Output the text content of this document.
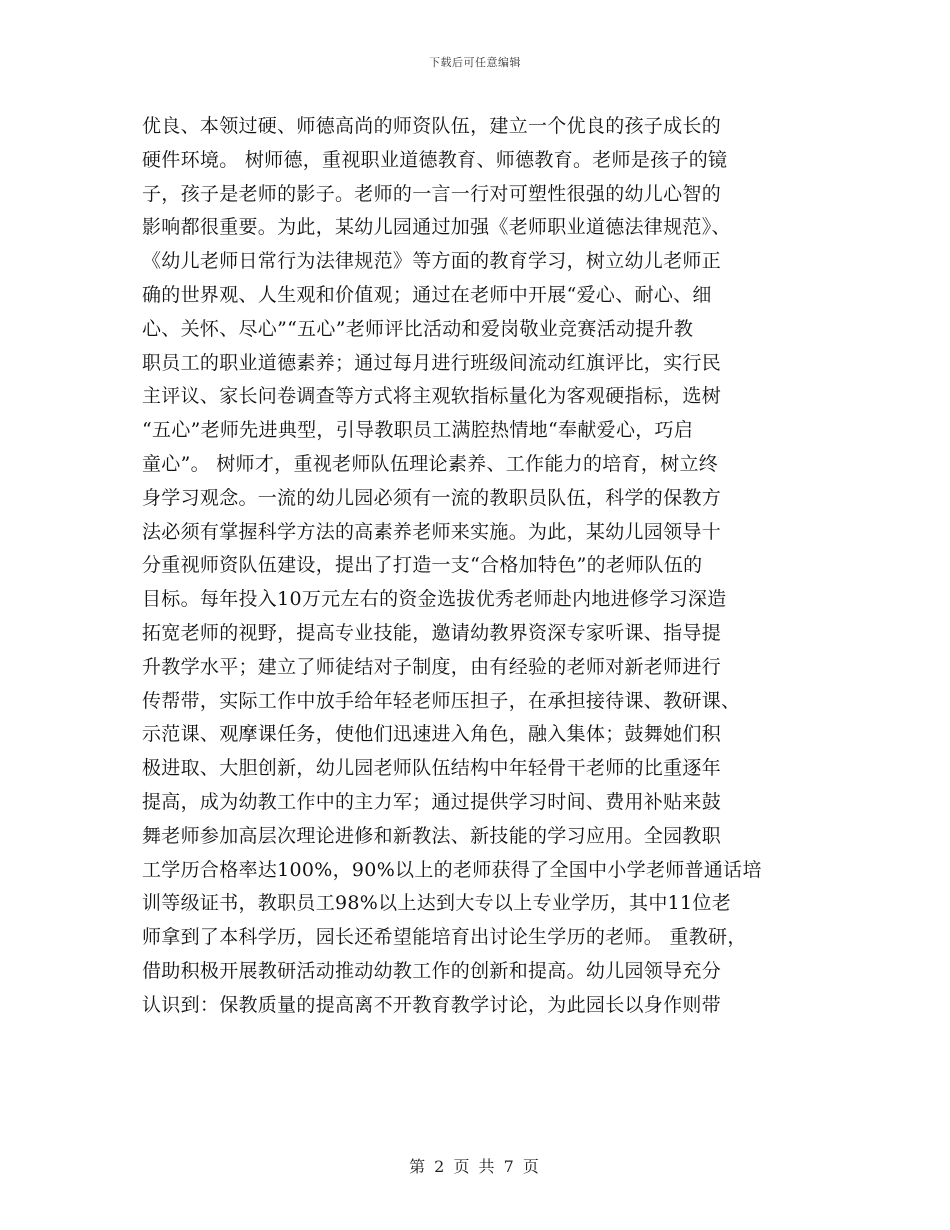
下载后可任意编辑
优良、本领过硬、师德高尚的师资队伍，建立一个优良的孩子成长的
硬件环境。 树师德，重视职业道德教育、师德教育。老师是孩子的镜
子，孩子是老师的影子。老师的一言一行对可塑性很强的幼儿心智的
影响都很重要。为此，某幼儿园通过加强《老师职业道德法律规范》、
《幼儿老师日常行为法律规范》等方面的教育学习，树立幼儿老师正
确的世界观、人生观和价值观；通过在老师中开展“爱心、耐心、细
心、关怀、尽心”“五心”老师评比活动和爱岗敬业竞赛活动提升教
职员工的职业道德素养；通过每月进行班级间流动红旗评比，实行民
主评议、家长问卷调查等方式将主观软指标量化为客观硬指标，选树
“五心”老师先进典型，引导教职员工满腔热情地“奉献爱心，巧启
童心”。 树师才，重视老师队伍理论素养、工作能力的培育，树立终
身学习观念。一流的幼儿园必须有一流的教职员队伍，科学的保教方
法必须有掌握科学方法的高素养老师来实施。为此，某幼儿园领导十
分重视师资队伍建设，提出了打造一支“合格加特色”的老师队伍的
目标。每年投入10万元左右的资金选拔优秀老师赴内地进修学习深造
拓宽老师的视野，提高专业技能，邀请幼教界资深专家听课、指导提
升教学水平；建立了师徒结对子制度，由有经验的老师对新老师进行
传帮带，实际工作中放手给年轻老师压担子，在承担接待课、教研课、
示范课、观摩课任务，使他们迅速进入角色，融入集体；鼓舞她们积
极进取、大胆创新，幼儿园老师队伍结构中年轻骨干老师的比重逐年
提高，成为幼教工作中的主力军；通过提供学习时间、费用补贴来鼓
舞老师参加高层次理论进修和新教法、新技能的学习应用。全园教职
工学历合格率达100%，90%以上的老师获得了全国中小学老师普通话培
训等级证书，教职员工98%以上达到大专以上专业学历，其中11位老
师拿到了本科学历，园长还希望能培育出讨论生学历的老师。 重教研，
借助积极开展教研活动推动幼教工作的创新和提高。幼儿园领导充分
认识到：保教质量的提高离不开教育教学讨论，为此园长以身作则带
第 2 页 共 7 页
